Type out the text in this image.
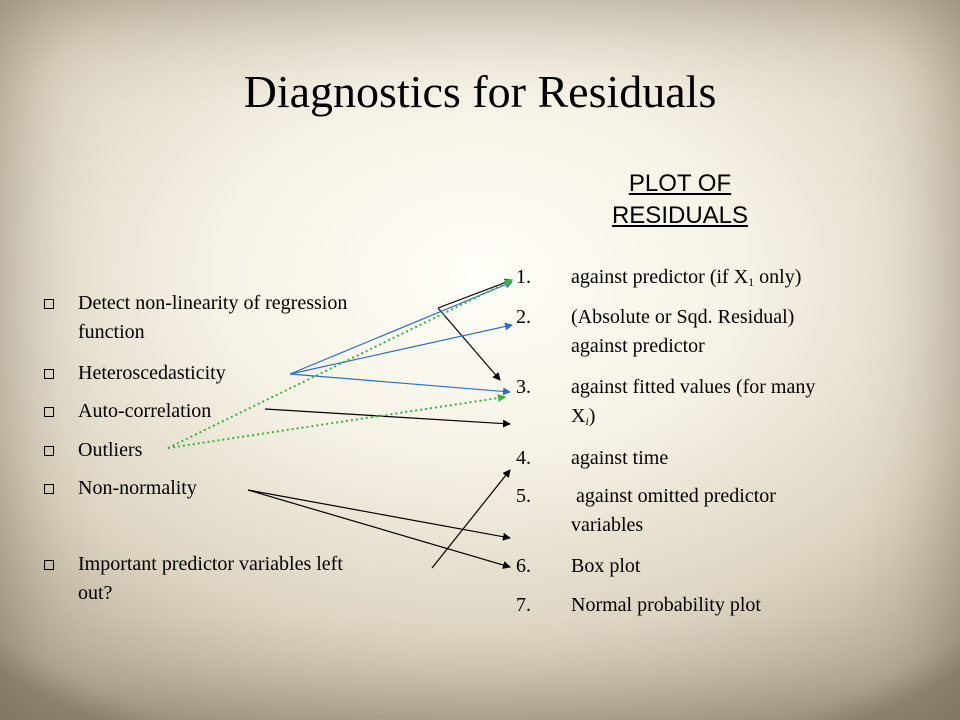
Diagnostics for Residuals
PLOT OF
RESIDUALS
Detect non-linearity of regression
function
Heteroscedasticity
Auto-correlation
Outliers
Non-normality
Important predictor variables left
out?
1.	against predictor (if $X_1$ only)
2.	(Absolute or Sqd. Residual)
against predictor
3.	against fitted values (for many
$X_i$)
4.	against time
5.	against omitted predictor
variables
6.	Box plot
7.	Normal probability plot
